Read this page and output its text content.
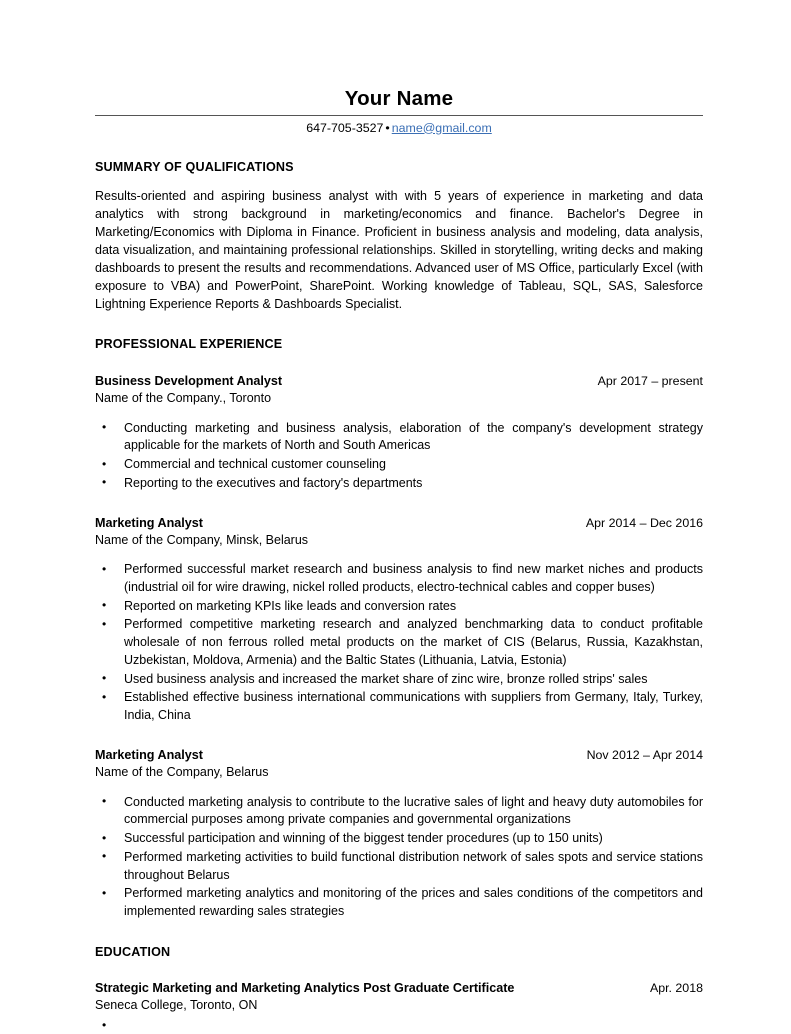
Your Name
647-705-3527 • name@gmail.com
SUMMARY OF QUALIFICATIONS
Results-oriented and aspiring business analyst with with 5 years of experience in marketing and data analytics with strong background in marketing/economics and finance. Bachelor's Degree in Marketing/Economics with Diploma in Finance. Proficient in business analysis and modeling, data analysis, data visualization, and maintaining professional relationships. Skilled in storytelling, writing decks and making dashboards to present the results and recommendations. Advanced user of MS Office, particularly Excel (with exposure to VBA) and PowerPoint, SharePoint. Working knowledge of Tableau, SQL, SAS, Salesforce Lightning Experience Reports & Dashboards Specialist.
PROFESSIONAL EXPERIENCE
Business Development Analyst	Apr 2017 – present
Name of the Company., Toronto
• Conducting marketing and business analysis, elaboration of the company's development strategy applicable for the markets of North and South Americas
• Commercial and technical customer counseling
• Reporting to the executives and factory's departments
Marketing Analyst	Apr 2014 – Dec 2016
Name of the Company, Minsk, Belarus
• Performed successful market research and business analysis to find new market niches and products (industrial oil for wire drawing, nickel rolled products, electro-technical cables and copper buses)
• Reported on marketing KPIs like leads and conversion rates
• Performed competitive marketing research and analyzed benchmarking data to conduct profitable wholesale of non ferrous rolled metal products on the market of CIS (Belarus, Russia, Kazakhstan, Uzbekistan, Moldova, Armenia) and the Baltic States (Lithuania, Latvia, Estonia)
• Used business analysis and increased the market share of zinc wire, bronze rolled strips' sales
• Established effective business international communications with suppliers from Germany, Italy, Turkey, India, China
Marketing Analyst	Nov 2012 – Apr 2014
Name of the Company, Belarus
• Conducted marketing analysis to contribute to the lucrative sales of light and heavy duty automobiles for commercial purposes among private companies and governmental organizations
• Successful participation and winning of the biggest tender procedures (up to 150 units)
• Performed marketing activities to build functional distribution network of sales spots and service stations throughout Belarus
• Performed marketing analytics and monitoring of the prices and sales conditions of the competitors and implemented rewarding sales strategies
EDUCATION
Strategic Marketing and Marketing Analytics Post Graduate Certificate	Apr. 2018
Seneca College, Toronto, ON
•
